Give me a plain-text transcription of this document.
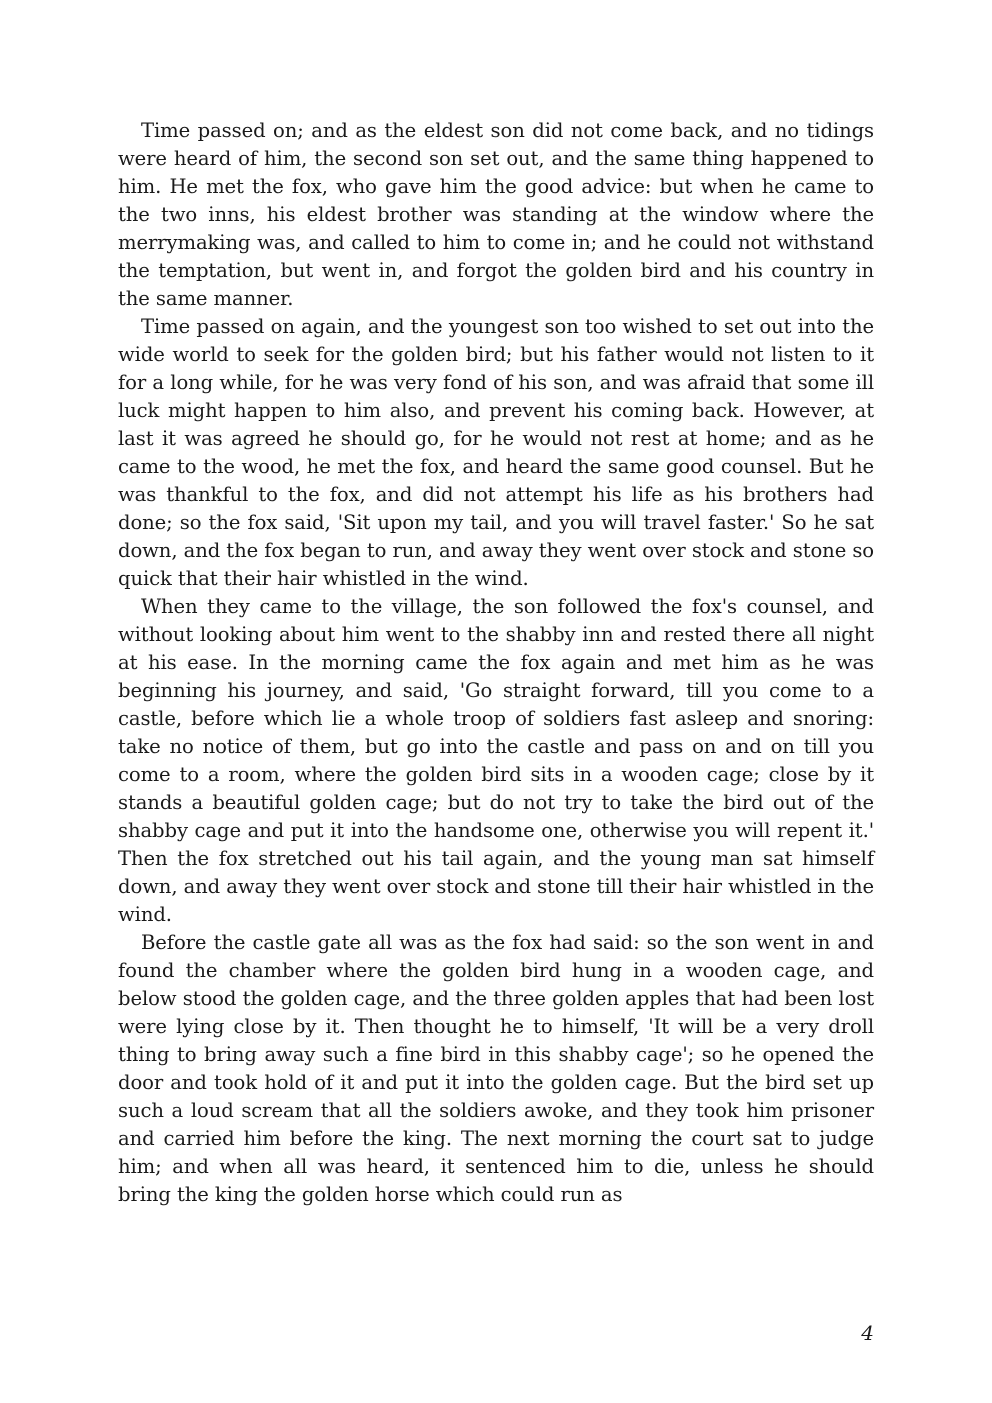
Time passed on; and as the eldest son did not come back, and no tidings were heard of him, the second son set out, and the same thing happened to him. He met the fox, who gave him the good advice: but when he came to the two inns, his eldest brother was standing at the window where the merrymaking was, and called to him to come in; and he could not withstand the temptation, but went in, and forgot the golden bird and his country in the same manner.

Time passed on again, and the youngest son too wished to set out into the wide world to seek for the golden bird; but his father would not listen to it for a long while, for he was very fond of his son, and was afraid that some ill luck might happen to him also, and prevent his coming back. However, at last it was agreed he should go, for he would not rest at home; and as he came to the wood, he met the fox, and heard the same good counsel. But he was thankful to the fox, and did not attempt his life as his brothers had done; so the fox said, 'Sit upon my tail, and you will travel faster.' So he sat down, and the fox began to run, and away they went over stock and stone so quick that their hair whistled in the wind.

When they came to the village, the son followed the fox's counsel, and without looking about him went to the shabby inn and rested there all night at his ease. In the morning came the fox again and met him as he was beginning his journey, and said, 'Go straight forward, till you come to a castle, before which lie a whole troop of soldiers fast asleep and snoring: take no notice of them, but go into the castle and pass on and on till you come to a room, where the golden bird sits in a wooden cage; close by it stands a beautiful golden cage; but do not try to take the bird out of the shabby cage and put it into the handsome one, otherwise you will repent it.' Then the fox stretched out his tail again, and the young man sat himself down, and away they went over stock and stone till their hair whistled in the wind.

Before the castle gate all was as the fox had said: so the son went in and found the chamber where the golden bird hung in a wooden cage, and below stood the golden cage, and the three golden apples that had been lost were lying close by it. Then thought he to himself, 'It will be a very droll thing to bring away such a fine bird in this shabby cage'; so he opened the door and took hold of it and put it into the golden cage. But the bird set up such a loud scream that all the soldiers awoke, and they took him prisoner and carried him before the king. The next morning the court sat to judge him; and when all was heard, it sentenced him to die, unless he should bring the king the golden horse which could run as

4
